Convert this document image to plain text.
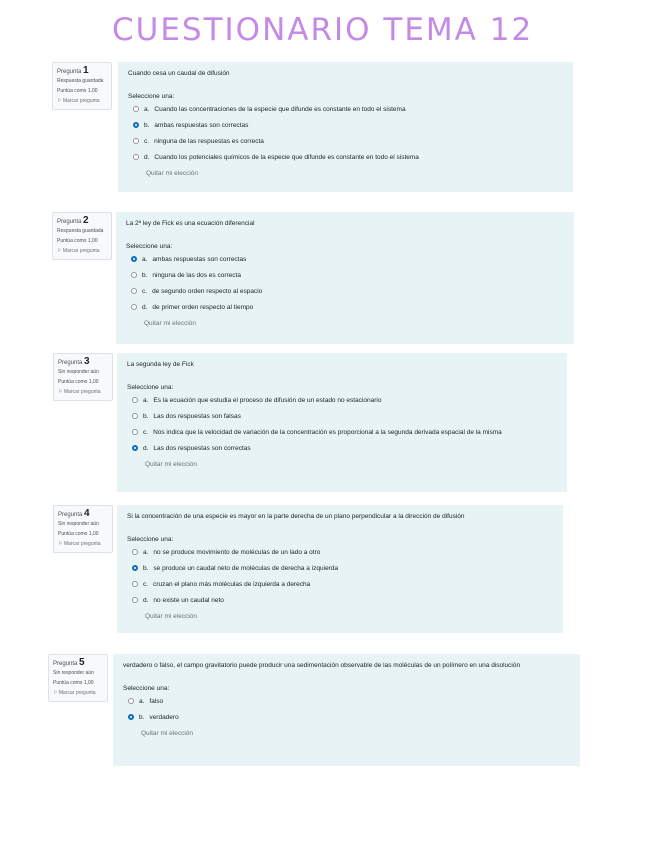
CUESTIONARIO TEMA 12
Pregunta 1
Respuesta guardada
Puntúa como 1,00
⚐ Marcar pregunta
Cuando cesa un caudal de difusión
Seleccione una:
a. Cuando las concentraciones de la especie que difunde es constante en todo el sistema
b. ambas respuestas son correctas
c. ninguna de las respuestas es correcta
d. Cuando los potenciales químicos de la especie que difunde es constante en todo el sistema
Quitar mi elección
Pregunta 2
Respuesta guardada
Puntúa como 1,00
⚐ Marcar pregunta
La 2ª ley de Fick es una ecuación diferencial
Seleccione una:
a. ambas respuestas son correctas
b. ninguna de las dos es correcta
c. de segundo orden respecto al espacio
d. de primer orden respecto al tiempo
Quitar mi elección
Pregunta 3
Sin responder aún
Puntúa como 1,00
⚐ Marcar pregunta
La segunda ley de Fick
Seleccione una:
a. Es la ecuación que estudia el proceso de difusión de un estado no estacionario
b. Las dos respuestas son falsas
c. Nos indica que la velocidad de variación de la concentración es proporcional a la segunda derivada espacial de la misma
d. Las dos respuestas son correctas
Quitar mi elección
Pregunta 4
Sin responder aún
Puntúa como 1,00
⚐ Marcar pregunta
Si la concentración de una especie es mayor en la parte derecha de un plano perpendicular a la dirección de difusión
Seleccione una:
a. no se produce movimiento de moléculas de un lado a otro
b. se produce un caudal neto de moléculas de derecha a izquierda
c. cruzan el plano más moléculas de izquierda a derecha
d. no existe un caudal neto
Quitar mi elección
Pregunta 5
Sin responder aún
Puntúa como 1,00
⚐ Marcar pregunta
verdadero o falso, el campo gravitatorio puede producir una sedimentación observable de las moléculas de un polímero en una disolución
Seleccione una:
a. falso
b. verdadero
Quitar mi elección
